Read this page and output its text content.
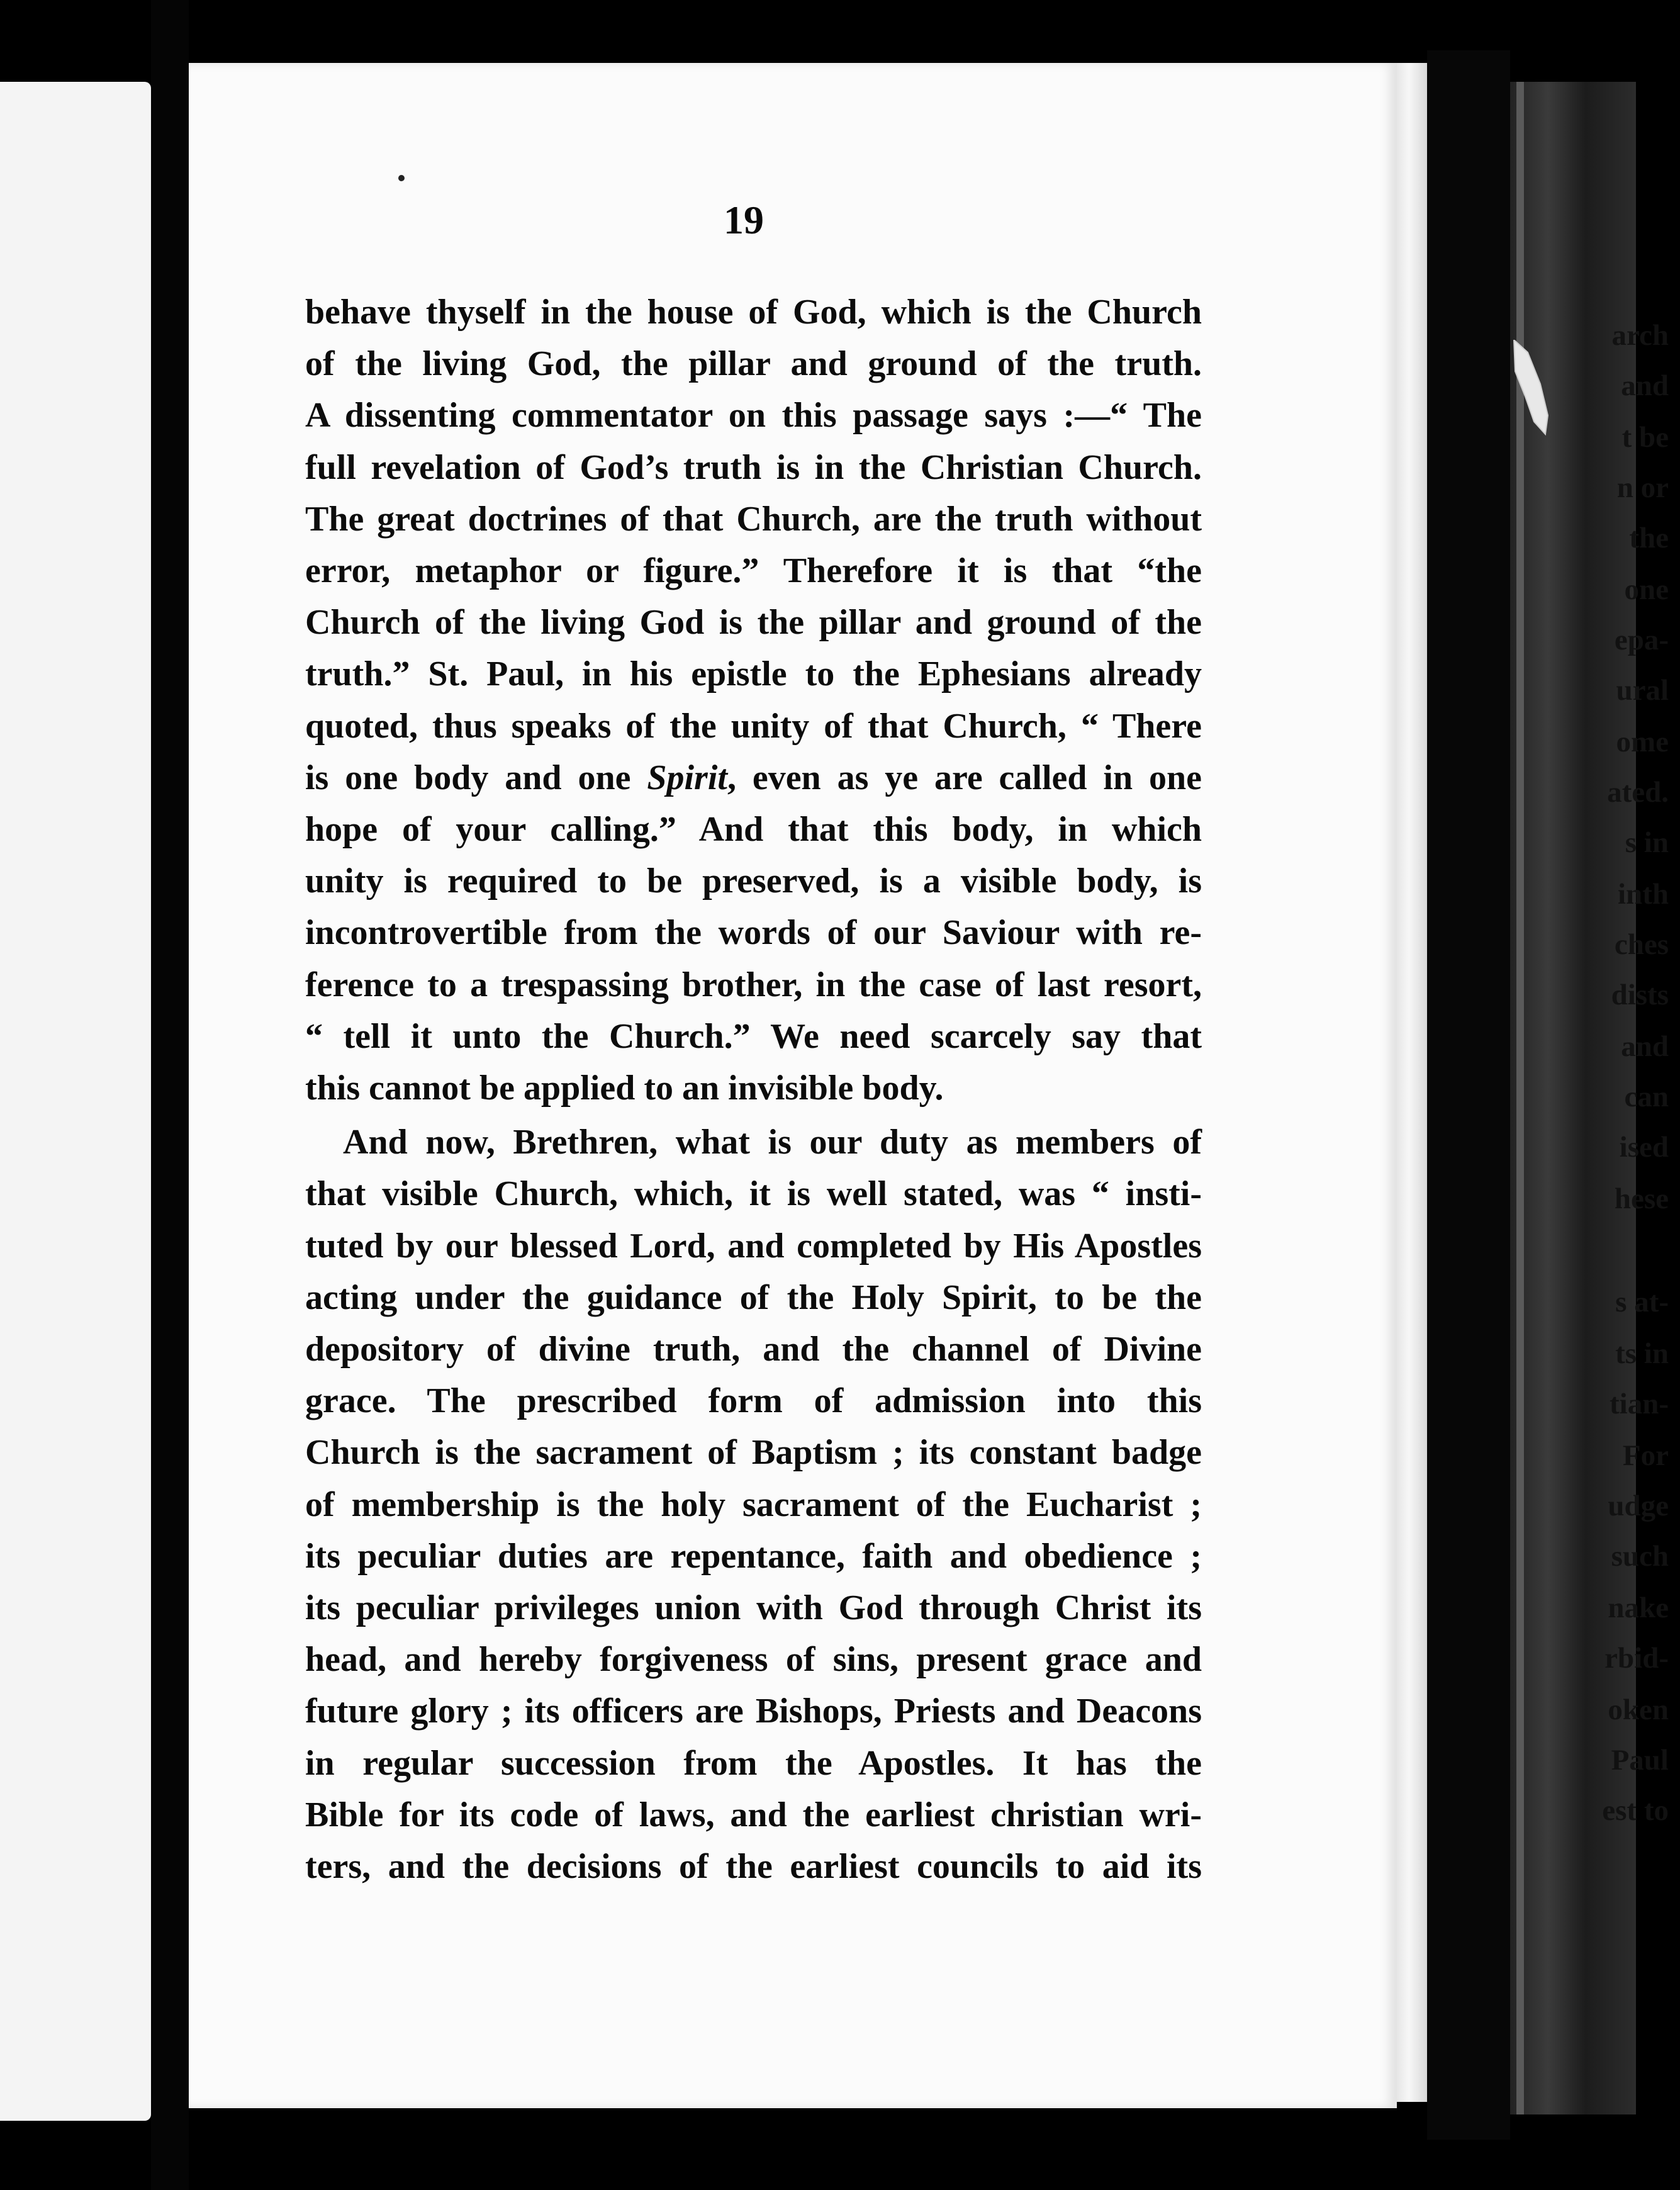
19

arch

and

t be

n or

the

one

epa-

ural

ome

ated.

s in

inth

ches

dists

and

can

ised

hese

s at-

ts in

tian-

For

udge

such

nake

rbid-

oken

Paul

est to

behave thyself in the house of God, which is the Church

of the living God, the pillar and ground of the truth.

A dissenting commentator on this passage says :—“ The

full revelation of God’s truth is in the Christian Church.

The great doctrines of that Church, are the truth without

error, metaphor or figure.” Therefore it is that “the

Church of the living God is the pillar and ground of the

truth.” St. Paul, in his epistle to the Ephesians already

quoted, thus speaks of the unity of that Church, “ There

is one body and one Spirit, even as ye are called in one

hope of your calling.” And that this body, in which

unity is required to be preserved, is a visible body, is

incontrovertible from the words of our Saviour with re-

ference to a trespassing brother, in the case of last resort,

“ tell it unto the Church.” We need scarcely say that

this cannot be applied to an invisible body.

And now, Brethren, what is our duty as members of

that visible Church, which, it is well stated, was “ insti-

tuted by our blessed Lord, and completed by His Apostles

acting under the guidance of the Holy Spirit, to be the

depository of divine truth, and the channel of Divine

grace. The prescribed form of admission into this

Church is the sacrament of Baptism ; its constant badge

of membership is the holy sacrament of the Eucharist ;

its peculiar duties are repentance, faith and obedience ;

its peculiar privileges union with God through Christ its

head, and hereby forgiveness of sins, present grace and

future glory ; its officers are Bishops, Priests and Deacons

in regular succession from the Apostles. It has the

Bible for its code of laws, and the earliest christian wri-

ters, and the decisions of the earliest councils to aid its
